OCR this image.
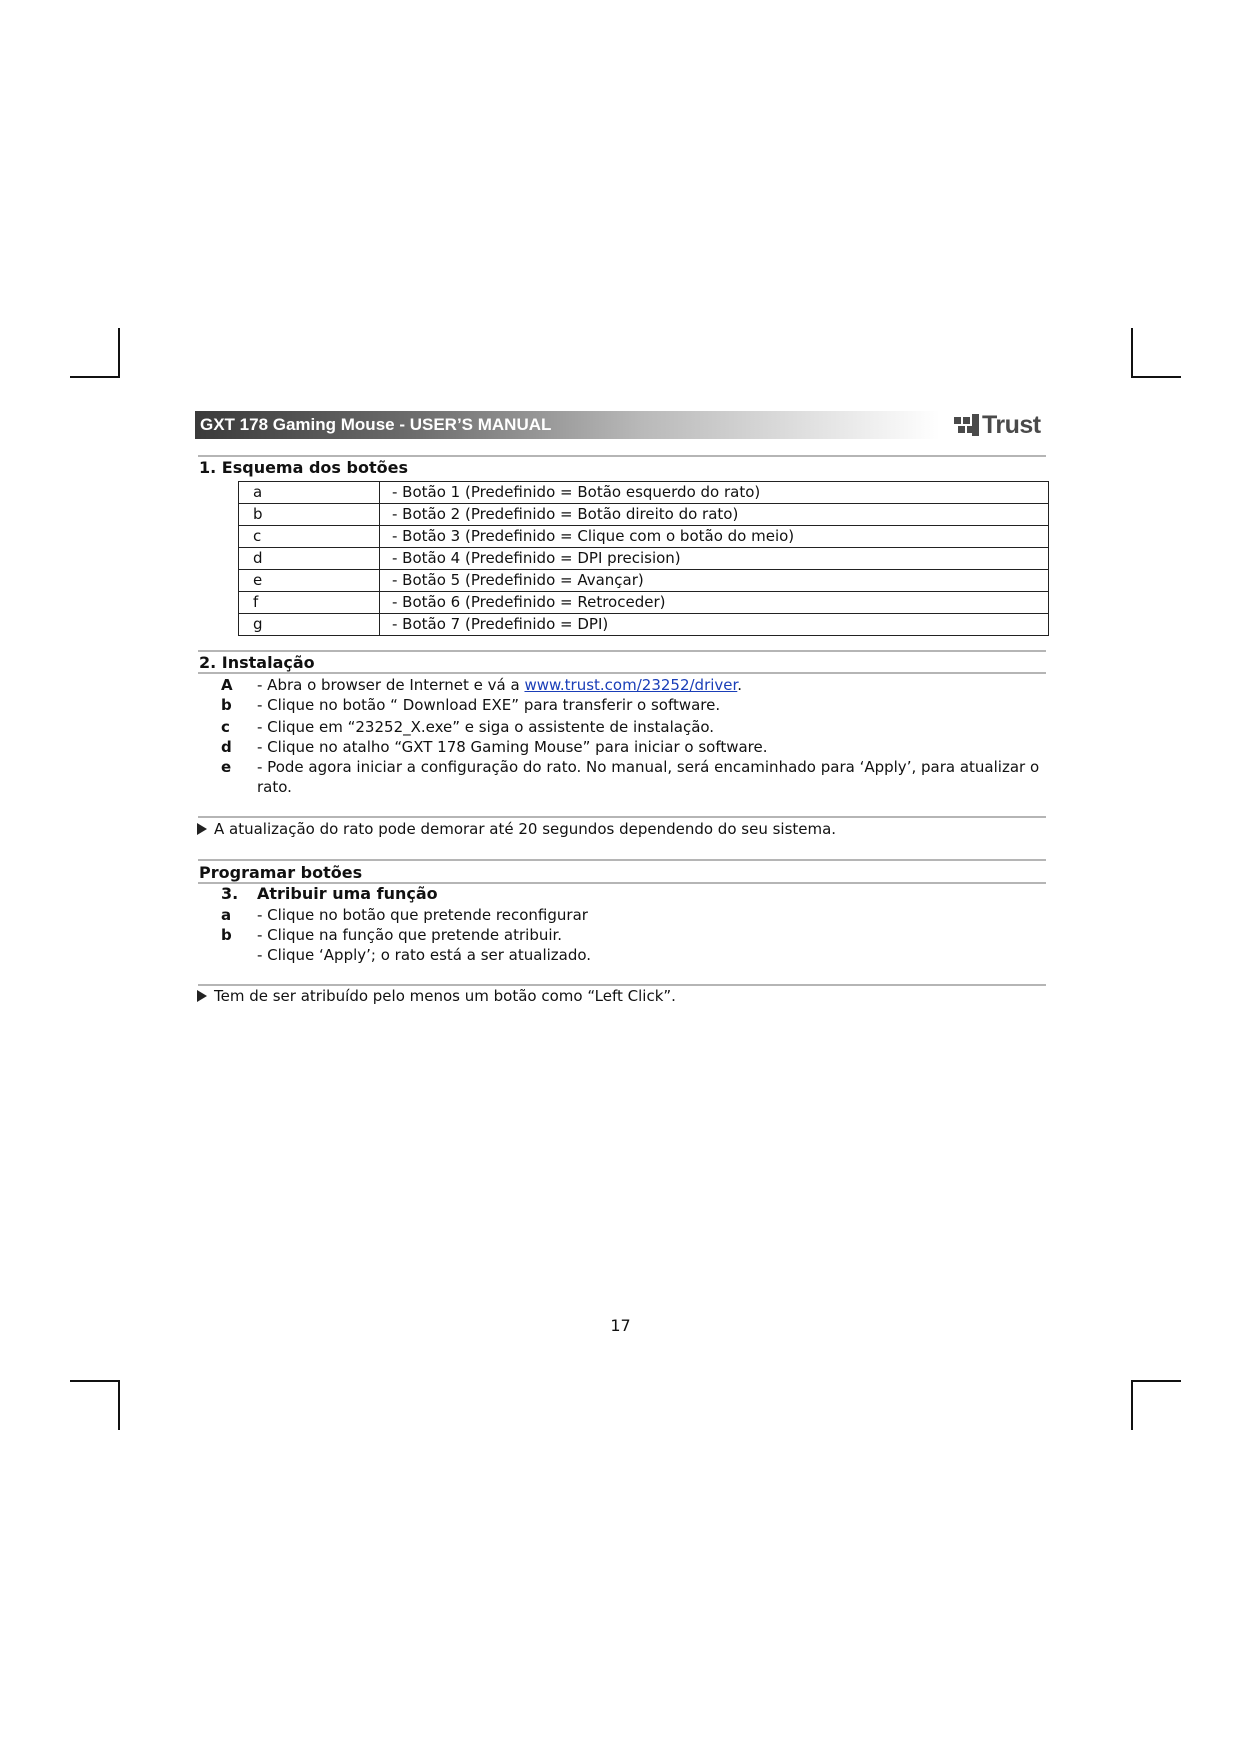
GXT 178 Gaming Mouse - USER’S MANUAL	Trust
1. Esquema dos botões
a	- Botão 1 (Predefinido = Botão esquerdo do rato)
b	- Botão 2 (Predefinido = Botão direito do rato)
c	- Botão 3 (Predefinido = Clique com o botão do meio)
d	- Botão 4 (Predefinido = DPI precision)
e	- Botão 5 (Predefinido = Avançar)
f	- Botão 6 (Predefinido = Retroceder)
g	- Botão 7 (Predefinido = DPI)
2. Instalação
A - Abra o browser de Internet e vá a www.trust.com/23252/driver.
b - Clique no botão “ Download EXE” para transferir o software.
c - Clique em “23252_X.exe” e siga o assistente de instalação.
d - Clique no atalho “GXT 178 Gaming Mouse” para iniciar o software.
e - Pode agora iniciar a configuração do rato. No manual, será encaminhado para ‘Apply’, para atualizar o
rato.
A atualização do rato pode demorar até 20 segundos dependendo do seu sistema.
Programar botões
3. Atribuir uma função
a - Clique no botão que pretende reconfigurar
b - Clique na função que pretende atribuir.
- Clique ‘Apply’; o rato está a ser atualizado.
Tem de ser atribuído pelo menos um botão como “Left Click”.
17
